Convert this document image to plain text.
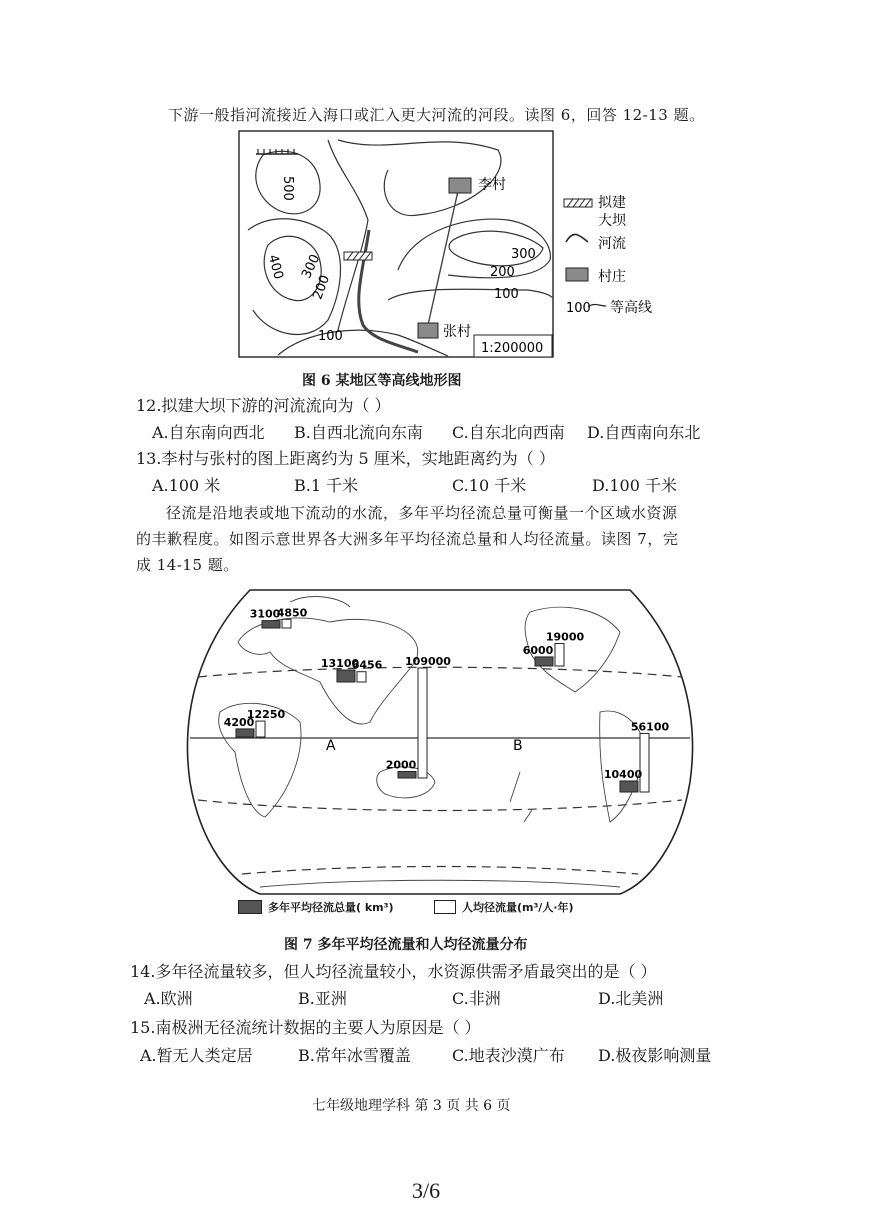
下游一般指河流接近入海口或汇入更大河流的河段。读图 6，回答 12-13 题。
500
400 300
200
300
200
100
100
李村
张村
1:200000
拟建
大坝
河流
村庄
100 等高线
图 6 某地区等高线地形图
12.拟建大坝下游的河流流向为（ ）
A.自东南向西北 B.自西北流向东南 C.自东北向西南 D.自西南向东北
13.李村与张村的图上距离约为 5 厘米，实地距离约为（ ）
A.100 米	B.1 千米	C.10 千米	D.100 千米
径流是沿地表或地下流动的水流，多年平均径流总量可衡量一个区域水资源
的丰歉程度。如图示意世界各大洲多年平均径流总量和人均径流量。读图 7，完
成 14-15 题。
A	B
3100
4850
13100
6456
4200
12250
2000
109000
6000
19000
10400
56100
多年平均径流总量( km³)	人均径流量(m³/人·年)
图 7 多年平均径流量和人均径流量分布
14.多年径流量较多，但人均径流量较小，水资源供需矛盾最突出的是（ ）
A.欧洲	B.亚洲	C.非洲	D.北美洲
15.南极洲无径流统计数据的主要人为原因是（ ）
A.暂无人类定居	B.常年冰雪覆盖	C.地表沙漠广布 D.极夜影响测量
七年级地理学科 第 3 页 共 6 页
3/6
